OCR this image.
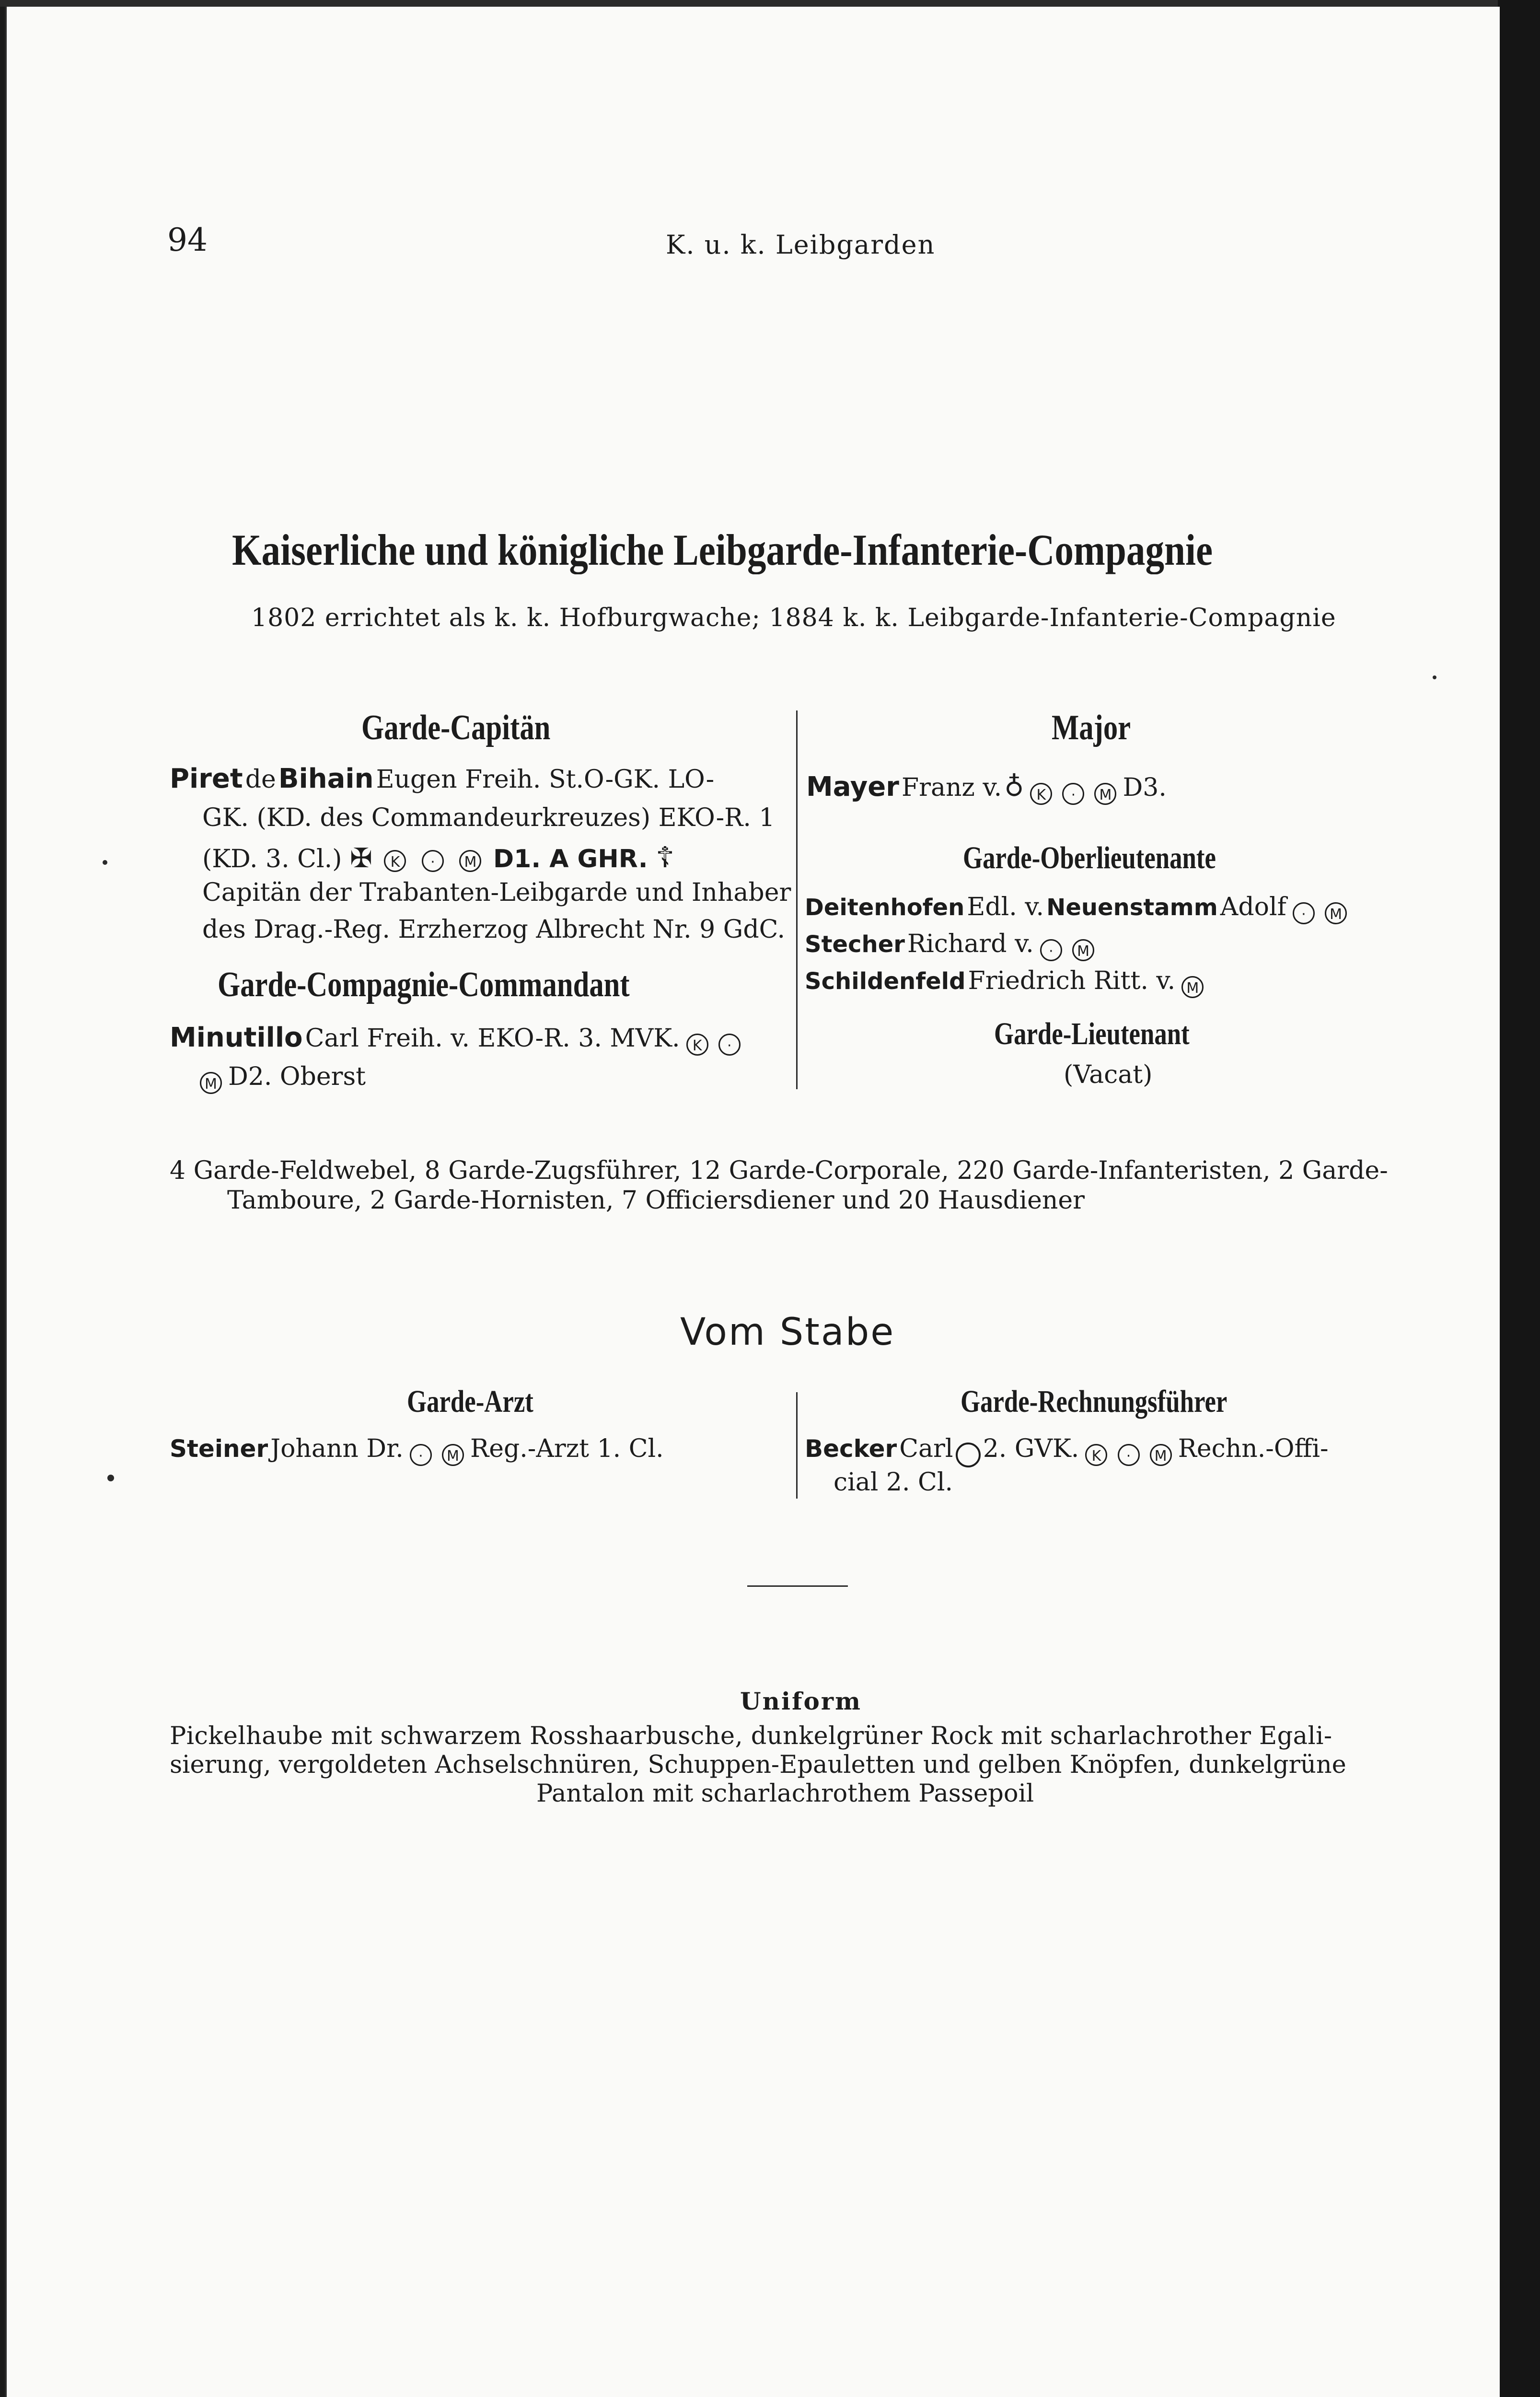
94	K. u. k. Leibgarden
Kaiserliche und königliche Leibgarde-Infanterie-Compagnie
1802 errichtet als k. k. Hofburgwache; 1884 k. k. Leibgarde-Infanterie-Compagnie
Garde-Capitän
Piret de Bihain Eugen Freih. St.O-GK. LO-
GK. (KD. des Commandeurkreuzes) EKO-R. 1
(KD. 3. Cl.) ✠ K · M D1. A GHR. ☦
Capitän der Trabanten-Leibgarde und Inhaber
des Drag.-Reg. Erzherzog Albrecht Nr. 9 GdC.
Garde-Compagnie-Commandant
Minutillo Carl Freih. v. EKO-R. 3. MVK. K ·
M D2. Oberst
Major
Mayer Franz v. ♁ K · M D3.
Garde-Oberlieutenante
Deitenhofen Edl. v. Neuenstamm Adolf · M
Stecher Richard v. · M
Schildenfeld Friedrich Ritt. v. M
Garde-Lieutenant
(Vacat)
4 Garde-Feldwebel, 8 Garde-Zugsführer, 12 Garde-Corporale, 220 Garde-Infanteristen, 2 Garde-
Tamboure, 2 Garde-Hornisten, 7 Officiersdiener und 20 Hausdiener
Vom Stabe
Garde-Arzt
Steiner Johann Dr. · M Reg.-Arzt 1. Cl.
Garde-Rechnungsführer
Becker Carl 2. GVK. K · M Rechn.-Offi-
cial 2. Cl.
Uniform
Pickelhaube mit schwarzem Rosshaarbusche, dunkelgrüner Rock mit scharlachrother Egali-
sierung, vergoldeten Achselschnüren, Schuppen-Epauletten und gelben Knöpfen, dunkelgrüne
Pantalon mit scharlachrothem Passepoil
